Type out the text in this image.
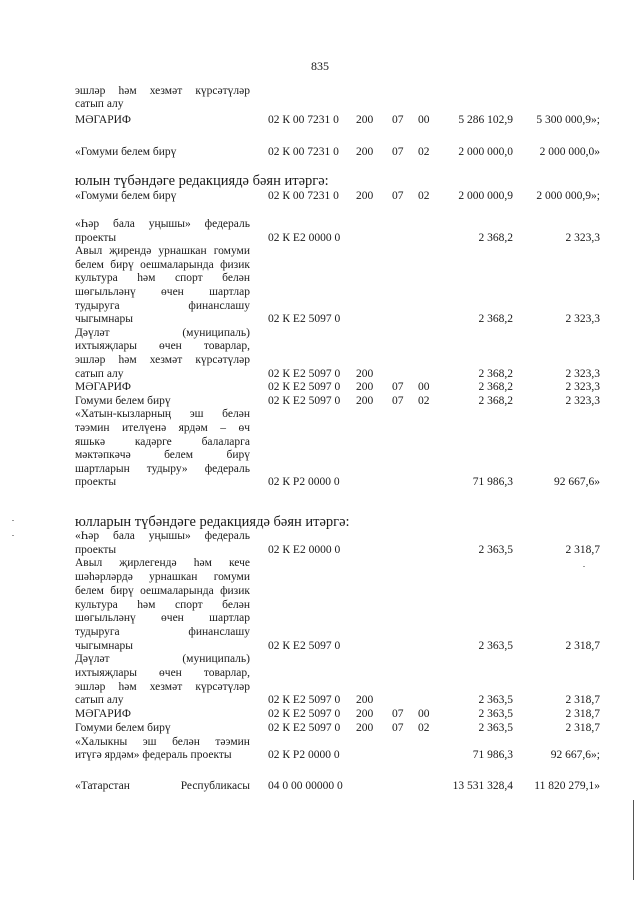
835
эшләр һәм хезмәт күрсәтүләр
сатып алу
МӘГАРИФ	02 К 00 7231 0 200 07 00	5 286 102,9 5 300 000,9»;
«Гомуми белем бирү	02 К 00 7231 0 200 07 02	2 000 000,0 2 000 000,0»
юлын түбәндәге редакциядә бәян итәргә:
«Гомуми белем бирү	02 К 00 7231 0 200 07 02	2 000 000,9 2 000 000,9»;
«Һәр бала уңышы» федераль
проекты	02 К Е2 0000 0	2 368,2	2 323,3
Авыл җирендә урнашкан гомуми
белем бирү оешмаларында физик
культура һәм спорт белән
шөгыльләнү өчен шартлар
тудыруга	финанслашу
чыгымнары	02 К Е2 5097 0	2 368,2	2 323,3
Дәүләт	(муниципаль)
ихтыяҗлары өчен товарлар,
эшләр һәм хезмәт күрсәтүләр
сатып алу	02 К Е2 5097 0 200	2 368,2	2 323,3
МӘГАРИФ	02 К Е2 5097 0 200 07 00	2 368,2	2 323,3
Гомуми белем бирү	02 К Е2 5097 0 200 07 02	2 368,2	2 323,3
«Хатын-кызларның эш белән
тәэмин ителүенә ярдәм – өч
яшькә	кадәрге	балаларга
мәктәпкәчә	белем	бирү
шартларын тудыру» федераль
проекты	02 К Р2 0000 0	71 986,3	92 667,6»
юлларын түбәндәге редакциядә бәян итәргә:
«Һәр бала уңышы» федераль
проекты	02 К Е2 0000 0	2 363,5	2 318,7
Авыл җирлегендә һәм кече
шәһәрләрдә урнашкан гомуми
белем бирү оешмаларында физик
культура һәм спорт белән
шөгыльләнү өчен шартлар
тудыруга	финанслашу
чыгымнары	02 К Е2 5097 0	2 363,5	2 318,7
Дәүләт	(муниципаль)
ихтыяҗлары өчен товарлар,
эшләр һәм хезмәт күрсәтүләр
сатып алу	02 К Е2 5097 0 200	2 363,5	2 318,7
МӘГАРИФ	02 К Е2 5097 0 200 07 00	2 363,5	2 318,7
Гомуми белем бирү	02 К Е2 5097 0 200 07 02	2 363,5	2 318,7
«Халыкны эш белән тәэмин
итүгә ярдәм» федераль проекты	02 К Р2 0000 0	71 986,3	92 667,6»;
«Татарстан	Республикасы 04 0 00 00000 0	13 531 328,4 11 820 279,1»
